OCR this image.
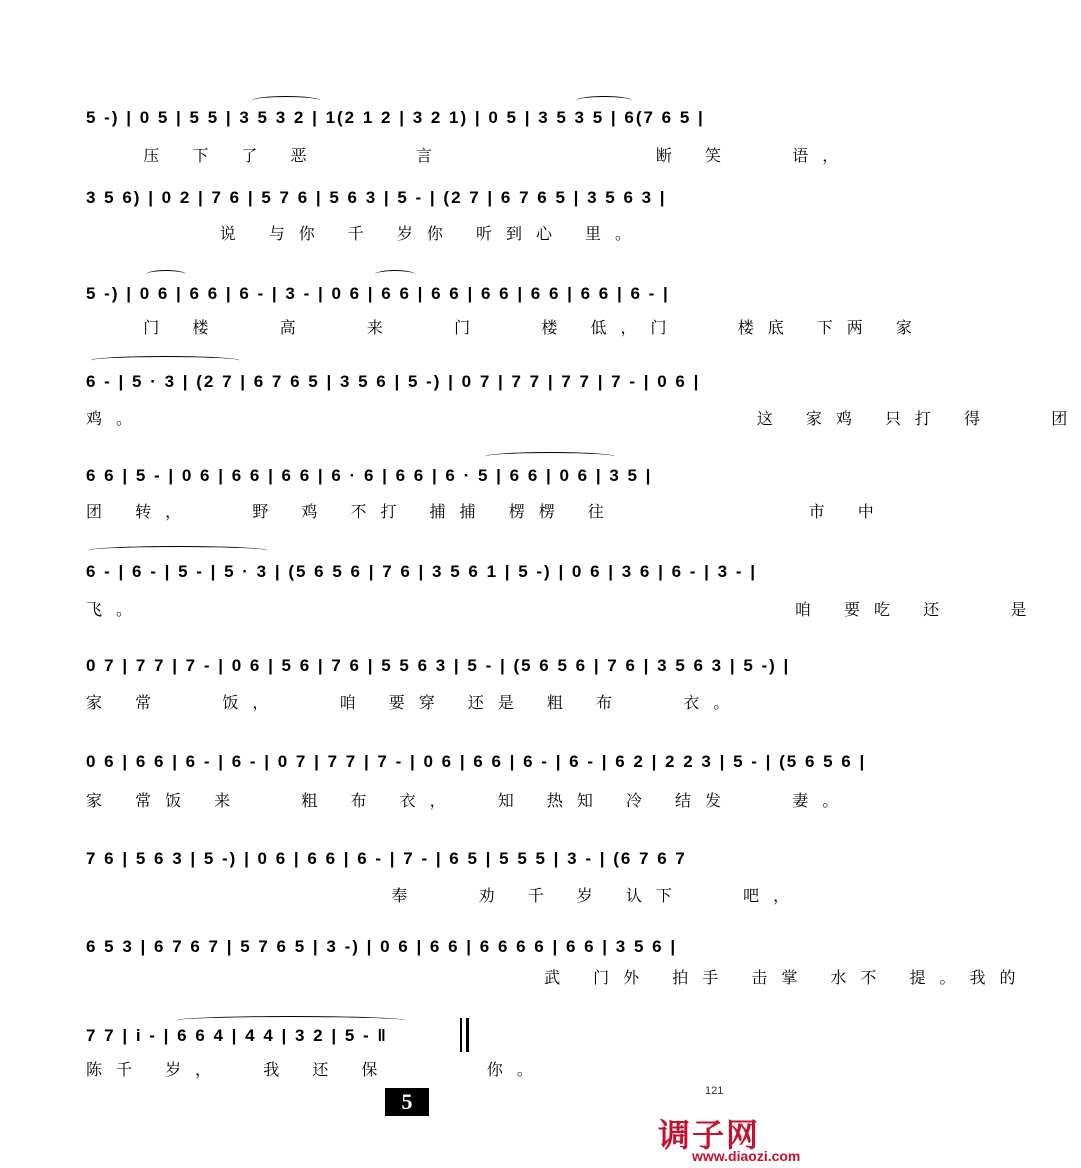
5 -) | 0 5 | 5 5 | 3 5 3 2 | 1(2 1 2 | 3 2 1) | 0 5 | 3 5 3 5 | 6(7 6 5 |
压 下 了 恶     言           断 笑   语，
3 5 6) | 0 2 | 7 6 | 5 7 6 | 5 6 3 | 5 - | (2 7 | 6 7 6 5 | 3 5 6 3 |
说 与你 千 岁你 听到心 里。
5 -) | 0 6 | 6 6 | 6 - | 3 - | 0 6 | 6 6 | 6 6 | 6 6 | 6 6 | 6 6 | 6 - |
门 楼   高   来   门   楼 低，门   楼底 下两 家
6 - | 5 · 3 | (2 7 | 6 7 6 5 | 3 5 6 | 5 -) | 0 7 | 7 7 | 7 7 | 7 - | 0 6 |
鸡。                                这 家鸡 只打 得   团
6 6 | 5 - | 0 6 | 6 6 | 6 6 | 6 · 6 | 6 6 | 6 · 5 | 6 6 | 0 6 | 3 5 |
团 转，   野 鸡 不打 捕捕 楞楞 往          市 中
6 - | 6 - | 5 - | 5 · 3 | (5 6 5 6 | 7 6 | 3 5 6 1 | 5 -) | 0 6 | 3 6 | 6 - | 3 - |
飞。                                  咱 要吃 还   是
0 7 | 7 7 | 7 - | 0 6 | 5 6 | 7 6 | 5 5 6 3 | 5 - | (5 6 5 6 | 7 6 | 3 5 6 3 | 5 -) |
家 常   饭，   咱 要穿 还是 粗 布   衣。
0 6 | 6 6 | 6 - | 6 - | 0 7 | 7 7 | 7 - | 0 6 | 6 6 | 6 - | 6 - | 6 2 | 2 2 3 | 5 - | (5 6 5 6 |
家 常饭 来   粗 布 衣，  知 热知 冷 结发   妻。
7 6 | 5 6 3 | 5 -) | 0 6 | 6 6 | 6 - | 7 - | 6 5 | 5 5 5 | 3 - | (6 7 6 7
奉   劝 千 岁 认下   吧，
6 5 3 | 6 7 6 7 | 5 7 6 5 | 3 -) | 0 6 | 6 6 | 6 6 6 6 | 6 6 | 3 5 6 |
武 门外 拍手 击掌 水不 提。我的
7 7 | i - | 6 6 4 | 4 4 | 3 2 | 5 - ‖
陈千 岁，  我 还 保     你。
5	121
调子网
www.diaozi.com
